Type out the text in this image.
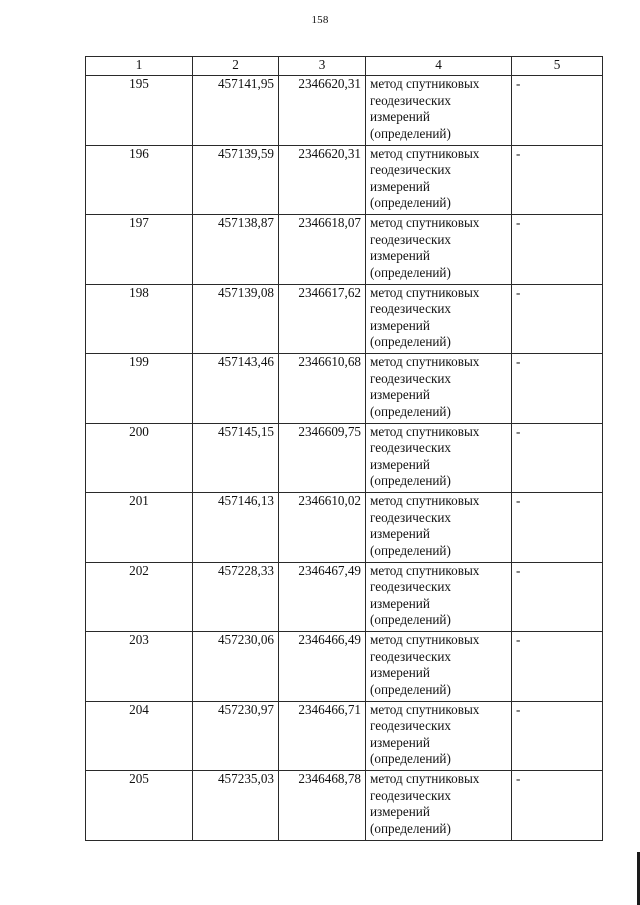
158
1	2	3	4	5
195	457141,95	2346620,31	метод спутниковых
геодезических
измерений
(определений)	-
196	457139,59	2346620,31	метод спутниковых
геодезических
измерений
(определений)	-
197	457138,87	2346618,07	метод спутниковых
геодезических
измерений
(определений)	-
198	457139,08	2346617,62	метод спутниковых
геодезических
измерений
(определений)	-
199	457143,46	2346610,68	метод спутниковых
геодезических
измерений
(определений)	-
200	457145,15	2346609,75	метод спутниковых
геодезических
измерений
(определений)	-
201	457146,13	2346610,02	метод спутниковых
геодезических
измерений
(определений)	-
202	457228,33	2346467,49	метод спутниковых
геодезических
измерений
(определений)	-
203	457230,06	2346466,49	метод спутниковых
геодезических
измерений
(определений)	-
204	457230,97	2346466,71	метод спутниковых
геодезических
измерений
(определений)	-
205	457235,03	2346468,78	метод спутниковых
геодезических
измерений
(определений)	-
